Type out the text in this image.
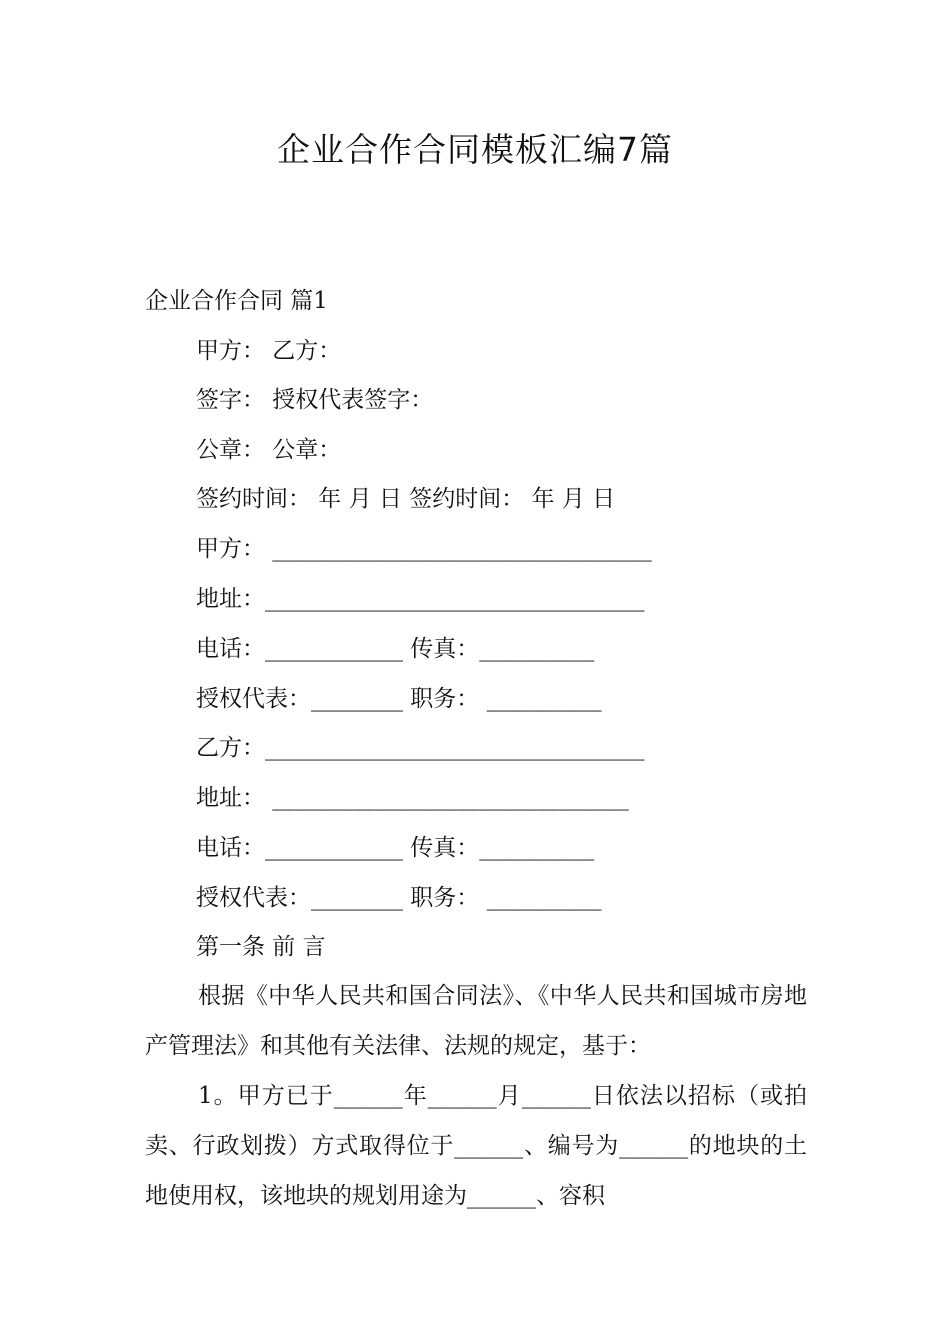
企业合作合同模板汇编7篇
企业合作合同 篇1
甲方： 乙方：
签字： 授权代表签字：
公章： 公章：
签约时间： 年 月 日 签约时间： 年 月 日
甲方： _________________________________
地址：_________________________________
电话：____________ 传真：__________
授权代表：________ 职务： __________
乙方：_________________________________
地址： _______________________________
电话：____________ 传真：__________
授权代表：________ 职务： __________
第一条 前 言
根据《中华人民共和国合同法》、《中华人民共和国城市房地产管理法》和其他有关法律、法规的规定，基于：
1。甲方已于______年______月______日依法以招标（或拍卖、行政划拨）方式取得位于______、编号为______的地块的土地使用权，该地块的规划用途为______、容积
